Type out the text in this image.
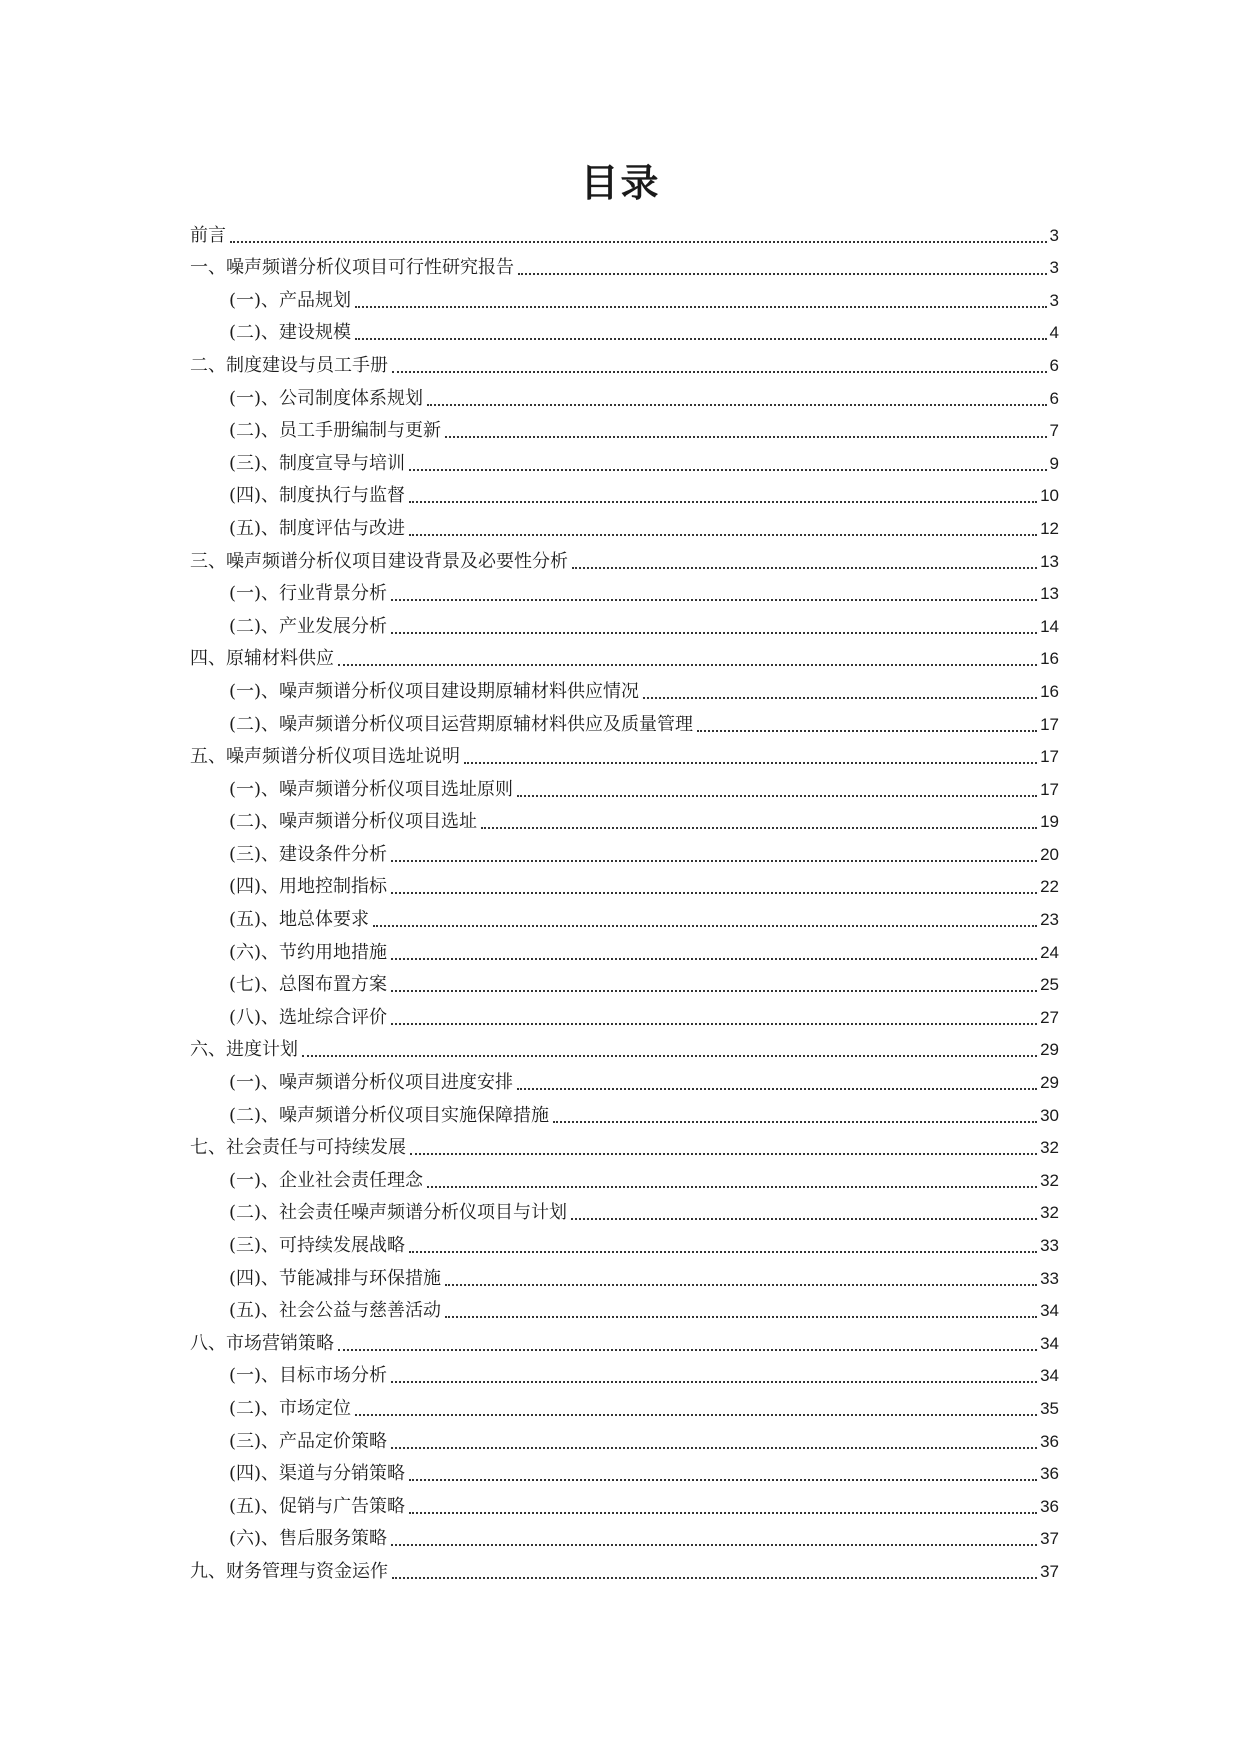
目录
前言	3
一、噪声频谱分析仪项目可行性研究报告	3
(一)、产品规划	3
(二)、建设规模	4
二、制度建设与员工手册	6
(一)、公司制度体系规划	6
(二)、员工手册编制与更新	7
(三)、制度宣导与培训	9
(四)、制度执行与监督	10
(五)、制度评估与改进	12
三、噪声频谱分析仪项目建设背景及必要性分析	13
(一)、行业背景分析	13
(二)、产业发展分析	14
四、原辅材料供应	16
(一)、噪声频谱分析仪项目建设期原辅材料供应情况	16
(二)、噪声频谱分析仪项目运营期原辅材料供应及质量管理	17
五、噪声频谱分析仪项目选址说明	17
(一)、噪声频谱分析仪项目选址原则	17
(二)、噪声频谱分析仪项目选址	19
(三)、建设条件分析	20
(四)、用地控制指标	22
(五)、地总体要求	23
(六)、节约用地措施	24
(七)、总图布置方案	25
(八)、选址综合评价	27
六、进度计划	29
(一)、噪声频谱分析仪项目进度安排	29
(二)、噪声频谱分析仪项目实施保障措施	30
七、社会责任与可持续发展	32
(一)、企业社会责任理念	32
(二)、社会责任噪声频谱分析仪项目与计划	32
(三)、可持续发展战略	33
(四)、节能减排与环保措施	33
(五)、社会公益与慈善活动	34
八、市场营销策略	34
(一)、目标市场分析	34
(二)、市场定位	35
(三)、产品定价策略	36
(四)、渠道与分销策略	36
(五)、促销与广告策略	36
(六)、售后服务策略	37
九、财务管理与资金运作	37
